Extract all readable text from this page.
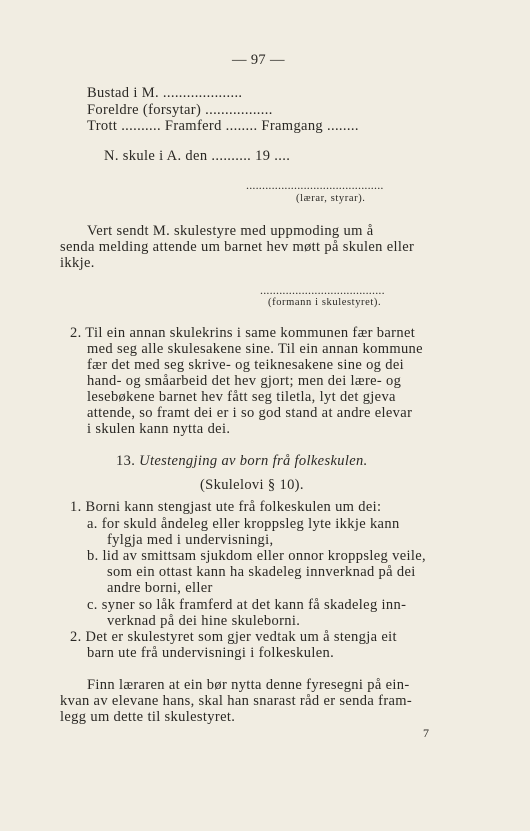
— 97 —
Bustad i M. ....................
Foreldre (forsytar) .................
Trott .......... Framferd ........ Framgang ........
N. skule i A. den .......... 19 ....
...........................................
(lærar, styrar).
Vert sendt M. skulestyre med uppmoding um å
senda melding attende um barnet hev møtt på skulen eller
ikkje.
.......................................
(formann i skulestyret).
2. Til ein annan skulekrins i same kommunen fær barnet
med seg alle skulesakene sine. Til ein annan kommune
fær det med seg skrive- og teiknesakene sine og dei
hand- og småarbeid det hev gjort; men dei lære- og
lesebøkene barnet hev fått seg tiletla, lyt det gjeva
attende, so framt dei er i so god stand at andre elevar
i skulen kann nytta dei.
13. Utestengjing av born frå folkeskulen.
(Skulelovi § 10).
1. Borni kann stengjast ute frå folkeskulen um dei:
a. for skuld åndeleg eller kroppsleg lyte ikkje kann
fylgja med i undervisningi,
b. lid av smittsam sjukdom eller onnor kroppsleg veile,
som ein ottast kann ha skadeleg innverknad på dei
andre borni, eller
c. syner so låk framferd at det kann få skadeleg inn-
verknad på dei hine skuleborni.
2. Det er skulestyret som gjer vedtak um å stengja eit
barn ute frå undervisningi i folkeskulen.
Finn læraren at ein bør nytta denne fyresegni på ein-
kvan av elevane hans, skal han snarast råd er senda fram-
legg um dette til skulestyret.
7
